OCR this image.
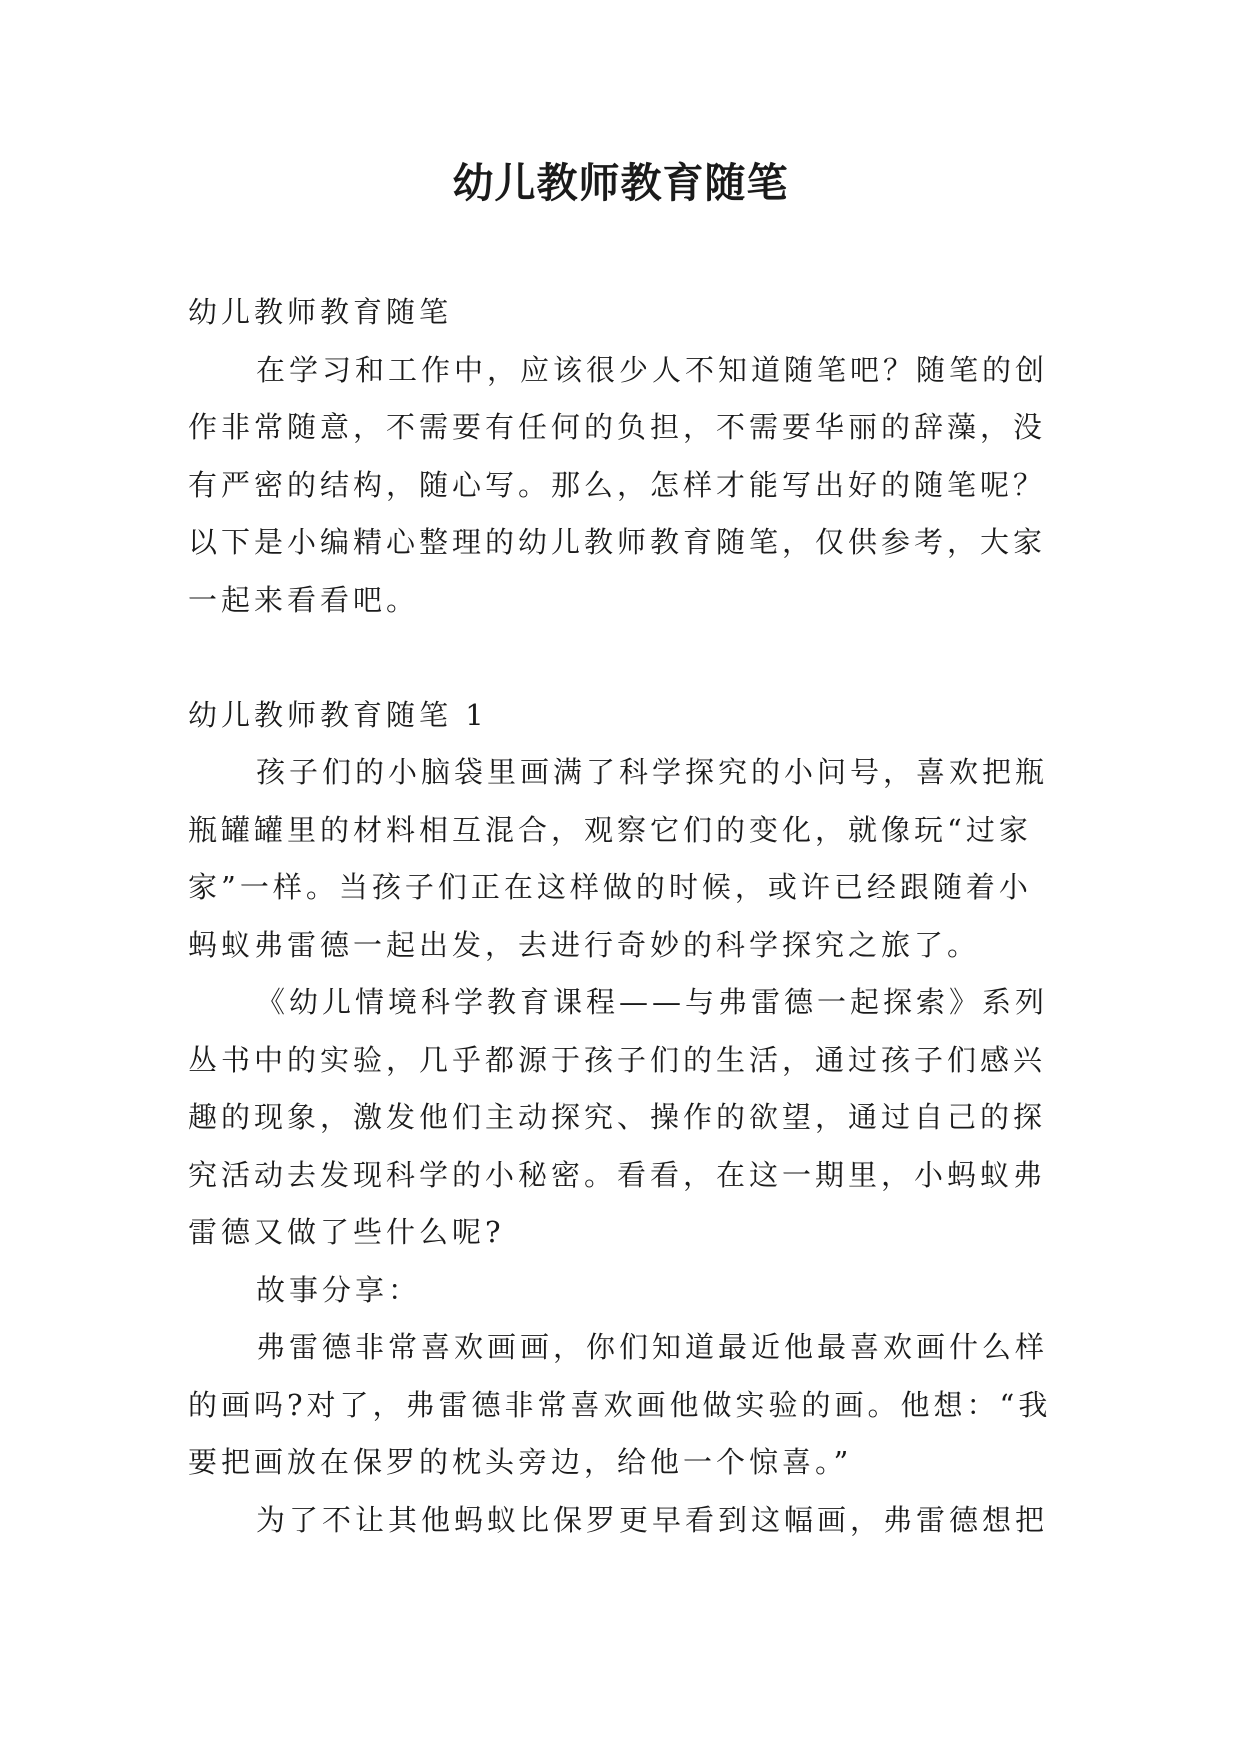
幼儿教师教育随笔

幼儿教师教育随笔

在学习和工作中，应该很少人不知道随笔吧？随笔的创作非常随意，不需要有任何的负担，不需要华丽的辞藻，没有严密的结构，随心写。那么，怎样才能写出好的随笔呢？以下是小编精心整理的幼儿教师教育随笔，仅供参考，大家一起来看看吧。

幼儿教师教育随笔 1

孩子们的小脑袋里画满了科学探究的小问号，喜欢把瓶瓶罐罐里的材料相互混合，观察它们的变化，就像玩“过家家”一样。当孩子们正在这样做的时候，或许已经跟随着小蚂蚁弗雷德一起出发，去进行奇妙的科学探究之旅了。

《幼儿情境科学教育课程——与弗雷德一起探索》系列丛书中的实验，几乎都源于孩子们的生活，通过孩子们感兴趣的现象，激发他们主动探究、操作的欲望，通过自己的探究活动去发现科学的小秘密。看看，在这一期里，小蚂蚁弗雷德又做了些什么呢?

故事分享：

弗雷德非常喜欢画画，你们知道最近他最喜欢画什么样的画吗?对了，弗雷德非常喜欢画他做实验的画。他想：“我要把画放在保罗的枕头旁边，给他一个惊喜。”

为了不让其他蚂蚁比保罗更早看到这幅画，弗雷德想把
